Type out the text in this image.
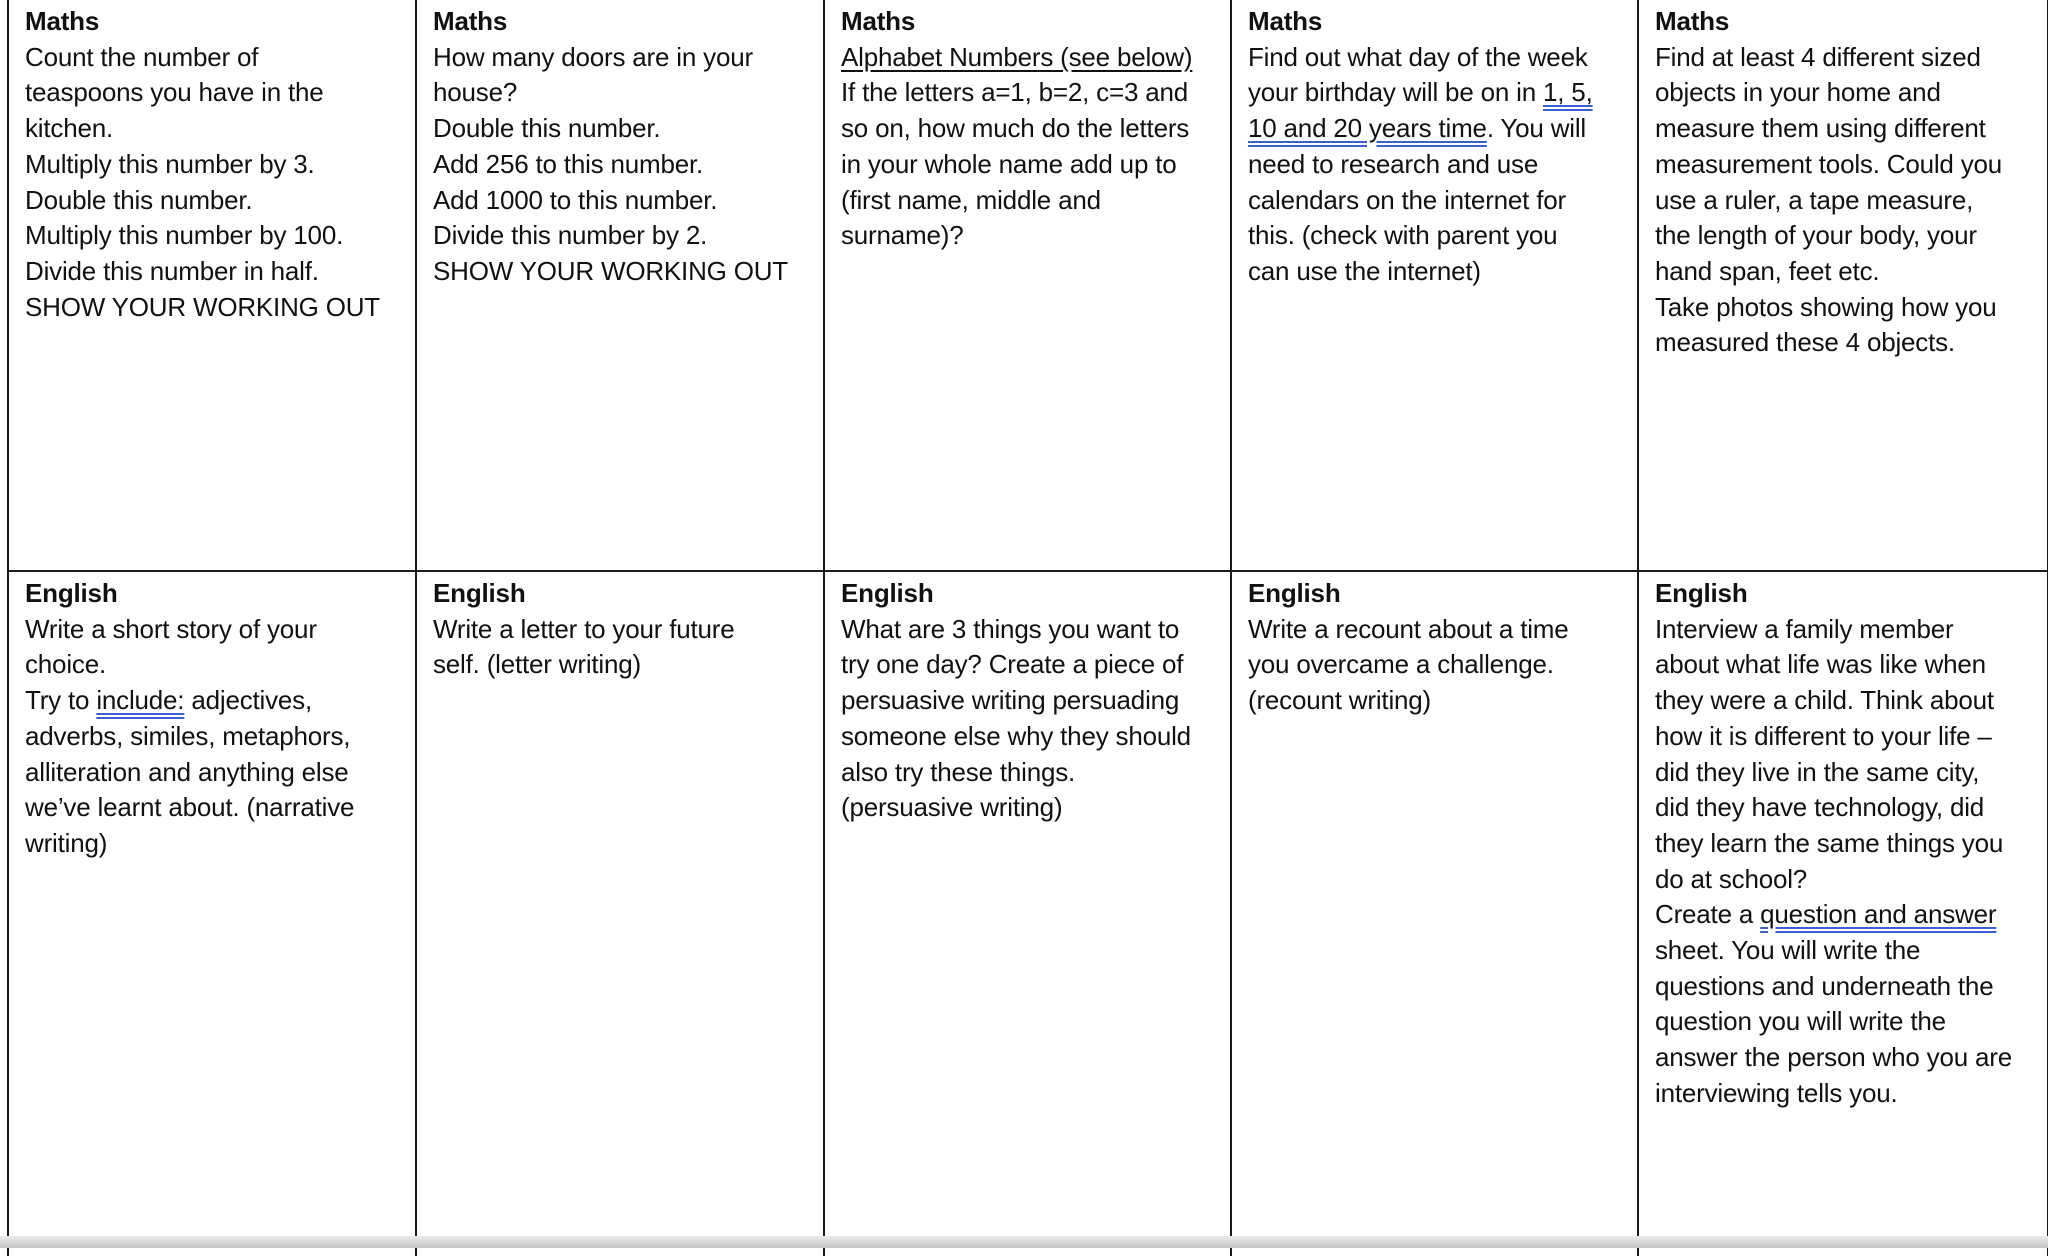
Maths
Count the number of
teaspoons you have in the
kitchen.
Multiply this number by 3.
Double this number.
Multiply this number by 100.
Divide this number in half.
SHOW YOUR WORKING OUT

Maths
How many doors are in your
house?
Double this number.
Add 256 to this number.
Add 1000 to this number.
Divide this number by 2.
SHOW YOUR WORKING OUT

Maths
Alphabet Numbers (see below)
If the letters a=1, b=2, c=3 and
so on, how much do the letters
in your whole name add up to
(first name, middle and
surname)?

Maths
Find out what day of the week
your birthday will be on in 1, 5,
10 and 20 years time. You will
need to research and use
calendars on the internet for
this. (check with parent you
can use the internet)

Maths
Find at least 4 different sized
objects in your home and
measure them using different
measurement tools. Could you
use a ruler, a tape measure,
the length of your body, your
hand span, feet etc.
Take photos showing how you
measured these 4 objects.

English
Write a short story of your
choice.
Try to include: adjectives,
adverbs, similes, metaphors,
alliteration and anything else
we’ve learnt about. (narrative
writing)

English
Write a letter to your future
self. (letter writing)

English
What are 3 things you want to
try one day? Create a piece of
persuasive writing persuading
someone else why they should
also try these things.
(persuasive writing)

English
Write a recount about a time
you overcame a challenge.
(recount writing)

English
Interview a family member
about what life was like when
they were a child. Think about
how it is different to your life –
did they live in the same city,
did they have technology, did
they learn the same things you
do at school?
Create a question and answer
sheet. You will write the
questions and underneath the
question you will write the
answer the person who you are
interviewing tells you.
